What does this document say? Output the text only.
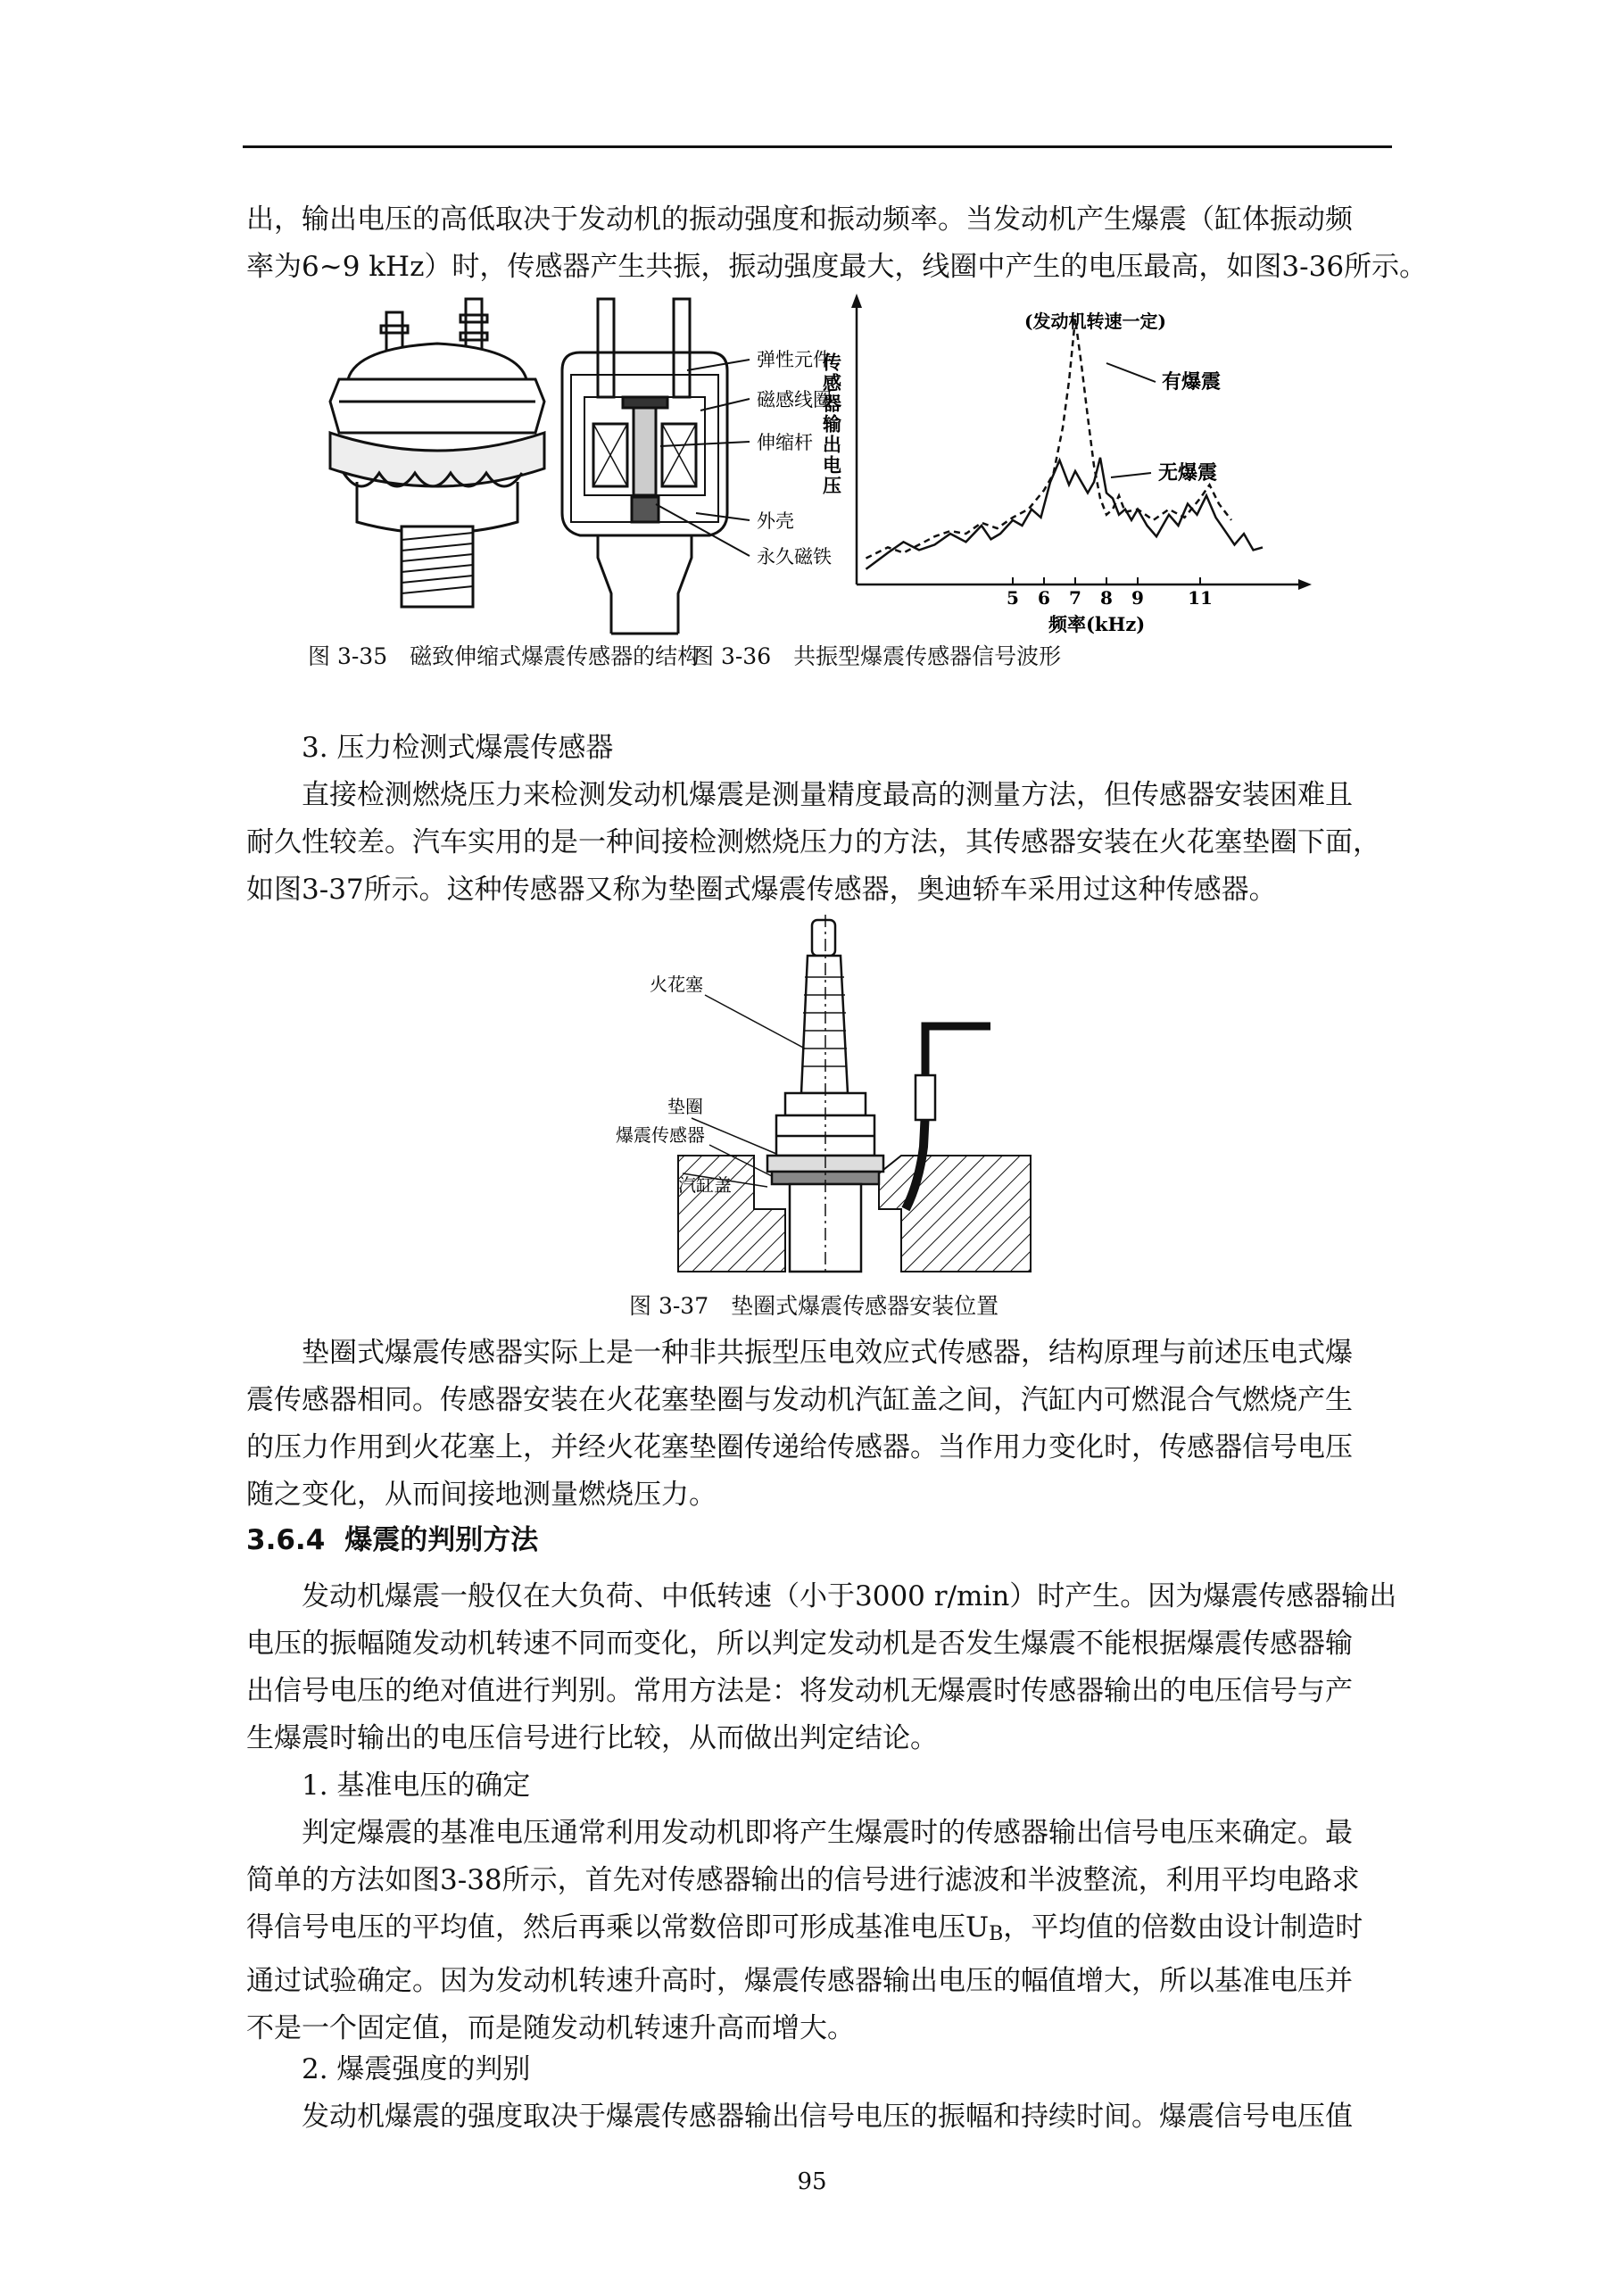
出，输出电压的高低取决于发动机的振动强度和振动频率。当发动机产生爆震（缸体振动频
率为6~9 kHz）时，传感器产生共振，振动强度最大，线圈中产生的电压最高，如图3-36所示。

弹性元件
磁感线圈
伸缩杆
外壳
永久磁铁
(发动机转速一定)
传感器输出电压
5 6 7 8 9 11
有爆震
无爆震
频率(kHz)
图 3-35　磁致伸缩式爆震传感器的结构
图 3-36　共振型爆震传感器信号波形
3. 压力检测式爆震传感器

直接检测燃烧压力来检测发动机爆震是测量精度最高的测量方法，但传感器安装困难且
耐久性较差。汽车实用的是一种间接检测燃烧压力的方法，其传感器安装在火花塞垫圈下面，
如图3-37所示。这种传感器又称为垫圈式爆震传感器，奥迪轿车采用过这种传感器。

火花塞
垫圈
爆震传感器
汽缸盖
图 3-37　垫圈式爆震传感器安装位置

垫圈式爆震传感器实际上是一种非共振型压电效应式传感器，结构原理与前述压电式爆
震传感器相同。传感器安装在火花塞垫圈与发动机汽缸盖之间，汽缸内可燃混合气燃烧产生
的压力作用到火花塞上，并经火花塞垫圈传递给传感器。当作用力变化时，传感器信号电压
随之变化，从而间接地测量燃烧压力。

3.6.4 爆震的判别方法

发动机爆震一般仅在大负荷、中低转速（小于3000 r/min）时产生。因为爆震传感器输出
电压的振幅随发动机转速不同而变化，所以判定发动机是否发生爆震不能根据爆震传感器输
出信号电压的绝对值进行判别。常用方法是：将发动机无爆震时传感器输出的电压信号与产
生爆震时输出的电压信号进行比较，从而做出判定结论。

1. 基准电压的确定

判定爆震的基准电压通常利用发动机即将产生爆震时的传感器输出信号电压来确定。最
简单的方法如图3-38所示，首先对传感器输出的信号进行滤波和半波整流，利用平均电路求
得信号电压的平均值，然后再乘以常数倍即可形成基准电压UB，平均值的倍数由设计制造时
通过试验确定。因为发动机转速升高时，爆震传感器输出电压的幅值增大，所以基准电压并
不是一个固定值，而是随发动机转速升高而增大。

2. 爆震强度的判别

发动机爆震的强度取决于爆震传感器输出信号电压的振幅和持续时间。爆震信号电压值

95
